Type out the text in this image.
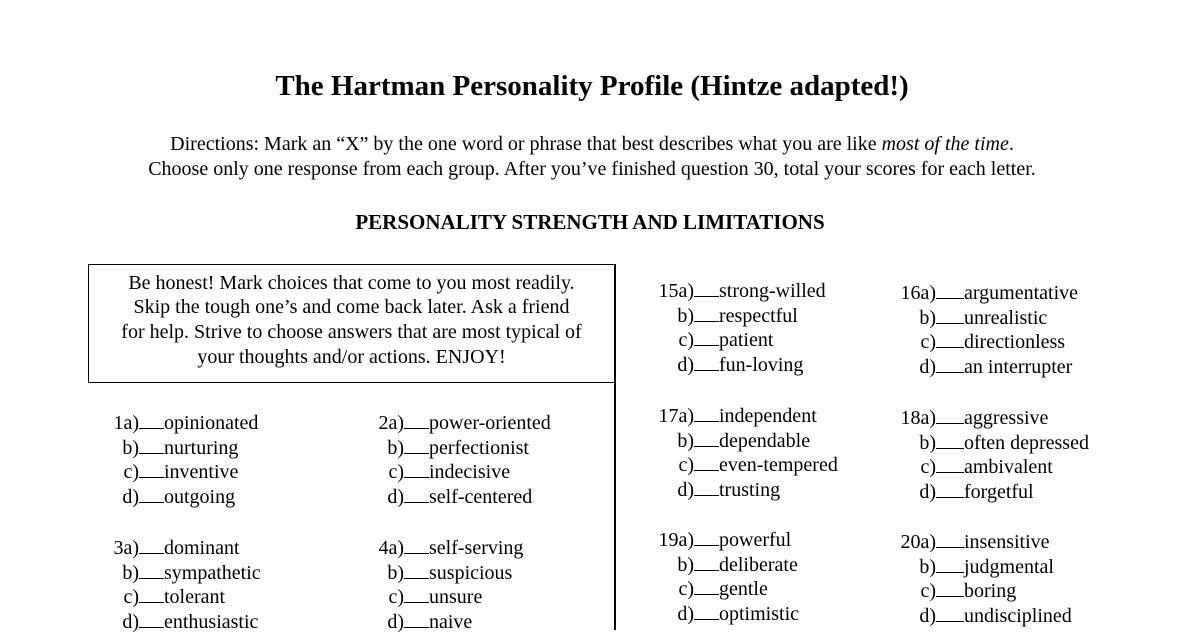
The Hartman Personality Profile (Hintze adapted!)
Directions: Mark an “X” by the one word or phrase that best describes what you are like most of the time.
Choose only one response from each group. After you’ve finished question 30, total your scores for each letter.
PERSONALITY STRENGTH AND LIMITATIONS
Be honest! Mark choices that come to you most readily.
Skip the tough one’s and come back later. Ask a friend
for help. Strive to choose answers that are most typical of
your thoughts and/or actions. ENJOY!
1a) opinionated
b) nurturing
c) inventive
d) outgoing
2a) power-oriented
b) perfectionist
c) indecisive
d) self-centered
3a) dominant
b) sympathetic
c) tolerant
d) enthusiastic
4a) self-serving
b) suspicious
c) unsure
d) naive
15a) strong-willed
b) respectful
c) patient
d) fun-loving
16a) argumentative
b) unrealistic
c) directionless
d) an interrupter
17a) independent
b) dependable
c) even-tempered
d) trusting
18a) aggressive
b) often depressed
c) ambivalent
d) forgetful
19a) powerful
b) deliberate
c) gentle
d) optimistic
20a) insensitive
b) judgmental
c) boring
d) undisciplined
